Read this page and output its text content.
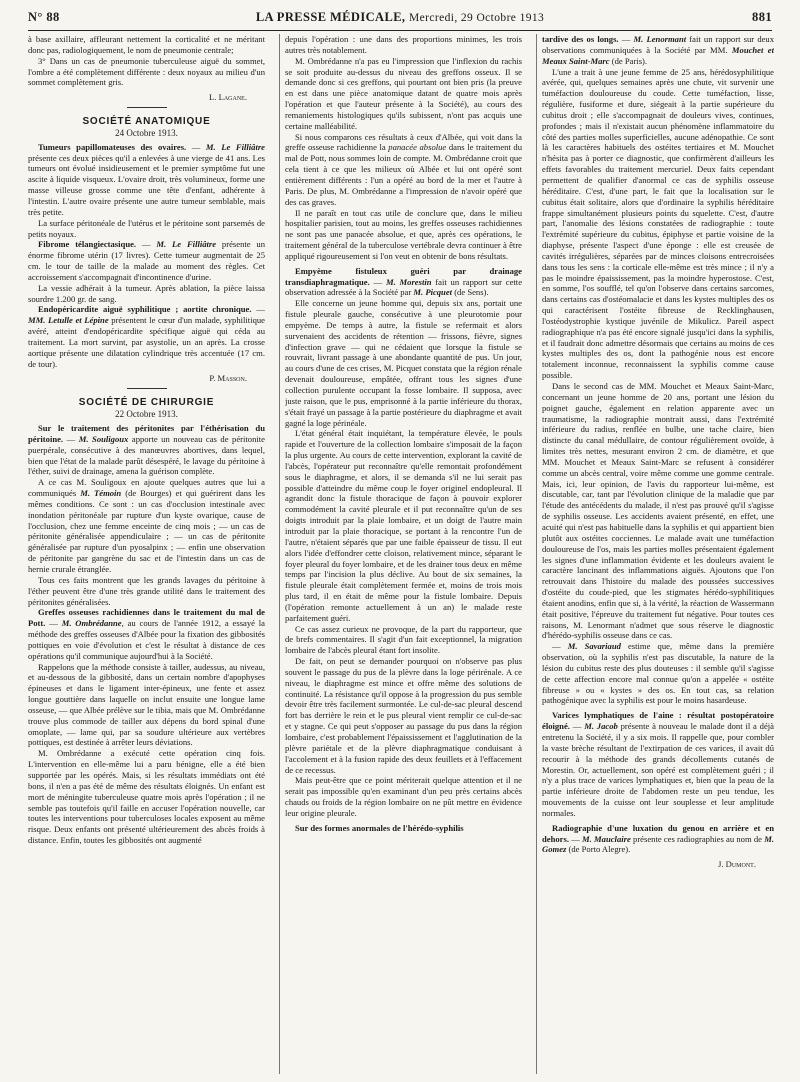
N° 88	LA PRESSE MÉDICALE, Mercredi, 29 Octobre 1913	881

à base axillaire, affleurant nettement la corticalité et ne méritant donc pas, radiologiquement, le nom de pneumonie centrale;

3° Dans un cas de pneumonie tuberculeuse aiguë du sommet, l'ombre a été complètement différente : deux noyaux au milieu d'un sommet complètement gris.

L. Lagane.

SOCIÉTÉ ANATOMIQUE

24 Octobre 1913.

Tumeurs papillomateuses des ovaires. — M. Le Filliâtre présente ces deux pièces qu'il a enlevées à une vierge de 41 ans. Les tumeurs ont évolué insidieusement et le premier symptôme fut une ascite à liquide visqueux. L'ovaire droit, très volumineux, forme une masse villeuse grosse comme une tête d'enfant, adhérente à l'intestin. L'autre ovaire présente une autre tumeur semblable, mais très petite.

La surface péritonéale de l'utérus et le péritoine sont parsemés de petits noyaux.

Fibrome télangiectasique. — M. Le Filliâtre présente un énorme fibrome utérin (17 livres). Cette tumeur augmentait de 25 cm. le tour de taille de la malade au moment des règles. Cet accroissement s'accompagnait d'incontinence d'urine.

La vessie adhérait à la tumeur. Après ablation, la pièce laissa sourdre 1.200 gr. de sang.

Endopéricardite aiguë syphilitique ; aortite chronique. — MM. Letulle et Lépine présentent le cœur d'un malade, syphilitique avéré, atteint d'endopéricardite spécifique aiguë qui céda au traitement. La mort survint, par asystolie, un an après. La crosse aortique présente une dilatation cylindrique très accentuée (17 cm. de tour).

P. Masson.

SOCIÉTÉ DE CHIRURGIE

22 Octobre 1913.

Sur le traitement des péritonites par l'éthérisation du péritoine. — M. Souligoux apporte un nouveau cas de péritonite puerpérale, consécutive à des manœuvres abortives, dans lequel, bien que l'état de la malade parût désespéré, le lavage du péritoine à l'éther, suivi de drainage, amena la guérison complète.

A ce cas M. Souligoux en ajoute quelques autres que lui a communiqués M. Témoin (de Bourges) et qui guérirent dans les mêmes conditions. Ce sont : un cas d'occlusion intestinale avec inondation péritonéale par rupture d'un kyste ovarique, cause de l'occlusion, chez une femme enceinte de cinq mois ; — un cas de péritonite généralisée appendiculaire ; — un cas de péritonite généralisée par rupture d'un pyosalpinx ; — enfin une observation de péritonite par gangrène du sac et de l'intestin dans un cas de hernie crurale étranglée.

Tous ces faits montrent que les grands lavages du péritoine à l'éther peuvent être d'une très grande utilité dans le traitement des péritonites généralisées.

Greffes osseuses rachidiennes dans le traitement du mal de Pott. — M. Ombrédanne, au cours de l'année 1912, a essayé la méthode des greffes osseuses d'Albée pour la fixation des gibbosités pottiques en voie d'évolution et c'est le résultat à distance de ces opérations qu'il communique aujourd'hui à la Société.

Rappelons que la méthode consiste à tailler, audessus, au niveau, et au-dessous de la gibbosité, dans un certain nombre d'apophyses épineuses et dans le ligament inter-épineux, une fente et assez longue gouttière dans laquelle on inclut ensuite une longue lame osseuse, — que Albée prélève sur le tibia, mais que M. Ombrédanne trouve plus commode de tailler aux dépens du bord spinal d'une omoplate, — lame qui, par sa soudure ultérieure aux vertèbres pottiques, est destinée à arrêter leurs déviations.

M. Ombrédanne a exécuté cette opération cinq fois. L'intervention en elle-même lui a paru bénigne, elle a été bien supportée par les opérés. Mais, si les résultats immédiats ont été bons, il n'en a pas été de même des résultats éloignés. Un enfant est mort de méningite tuberculeuse quatre mois après l'opération ; il ne semble pas toutefois qu'il faille en accuser l'opération nouvelle, car toutes les interventions pour tuberculoses locales exposent au même risque. Deux enfants ont présenté ultérieurement des abcès froids à distance. Enfin, toutes les gibbosités ont augmenté

depuis l'opération : une dans des proportions minimes, les trois autres très notablement.

M. Ombrédanne n'a pas eu l'impression que l'inflexion du rachis se soit produite au-dessus du niveau des greffons osseux. Il se demande donc si ces greffons, qui pourtant ont bien pris (la preuve en est dans une pièce anatomique datant de quatre mois après l'opération et que l'auteur présente à la Société), au cours des remaniements histologiques qu'ils subissent, n'ont pas acquis une certaine malléabilité.

Si nous comparons ces résultats à ceux d'Albée, qui voit dans la greffe osseuse rachidienne la panacée absolue dans le traitement du mal de Pott, nous sommes loin de compte. M. Ombrédanne croit que cela tient à ce que les milieux où Albée et lui ont opéré sont entièrement différents : l'un a opéré au bord de la mer et l'autre à Paris. De plus, M. Ombrédanne a l'impression de n'avoir opéré que des cas graves.

Il ne paraît en tout cas utile de conclure que, dans le milieu hospitalier parisien, tout au moins, les greffes osseuses rachidiennes ne sont pas une panacée absolue, et que, après ces opérations, le traitement général de la tuberculose vertébrale devra continuer à être appliqué rigoureusement si l'on veut en obtenir de bons résultats.

Empyème fistuleux guéri par drainage transdiaphragmatique. — M. Morestin fait un rapport sur cette observation adressée à la Société par M. Picquet (de Sens).

Elle concerne un jeune homme qui, depuis six ans, portait une fistule pleurale gauche, consécutive à une pleurotomie pour empyème. De temps à autre, la fistule se refermait et alors survenaient des accidents de rétention — frissons, fièvre, signes d'infection grave — qui ne cédaient que lorsque la fistule se rouvrait, livrant passage à une abondante quantité de pus. Un jour, au cours d'une de ces crises, M. Picquet constata que la région rénale devenait douloureuse, empâtée, offrant tous les signes d'une collection purulente occupant la fosse lombaire. Il supposa, avec juste raison, que le pus, emprisonné à la partie inférieure du thorax, s'était frayé un passage à la partie postérieure du diaphragme et avait gagné la loge périnéale.

L'état général était inquiétant, la température élevée, le pouls rapide et l'ouverture de la collection lombaire s'imposait de la façon la plus urgente. Au cours de cette intervention, explorant la cavité de l'abcès, l'opérateur put reconnaître qu'elle remontait profondément sous le diaphragme, et alors, il se demanda s'il ne lui serait pas possible d'atteindre du même coup le foyer originel endopleural. Il agrandit donc la fistule thoracique de façon à pouvoir explorer commodément la cavité pleurale et il put reconnaître qu'un de ses doigts introduit par la plaie lombaire, et un doigt de l'autre main introduit par la plaie thoracique, se portant à la rencontre l'un de l'autre, n'étaient séparés que par une faible épaisseur de tissu. Il eut alors l'idée d'effondrer cette cloison, relativement mince, séparant le foyer pleural du foyer lombaire, et de les drainer tous deux en même temps par l'incision la plus déclive. Au bout de six semaines, la fistule pleurale était complètement fermée et, moins de trois mois plus tard, il en était de même pour la fistule lombaire. Depuis (l'opération remonte actuellement à un an) le malade reste parfaitement guéri.

Ce cas assez curieux ne provoque, de la part du rapporteur, que de brefs commentaires. Il s'agit d'un fait exceptionnel, la migration lombaire de l'abcès pleural étant fort insolite.

De fait, on peut se demander pourquoi on n'observe pas plus souvent le passage du pus de la plèvre dans la loge périrénale. A ce niveau, le diaphragme est mince et offre même des solutions de continuité. La résistance qu'il oppose à la progression du pus semble devoir être très facilement surmontée. Le cul-de-sac pleural descend fort bas derrière le rein et le pus pleural vient remplir ce cul-de-sac et y stagne. Ce qui peut s'opposer au passage du pus dans la région lombaire, c'est probablement l'épaississement et l'agglutination de la plèvre pariétale et de la plèvre diaphragmatique conduisant à l'accolement et à la fusion rapide des deux feuillets et à l'effacement de ce recessus.

Mais peut-être que ce point mériterait quelque attention et il ne serait pas impossible qu'en examinant d'un peu près certains abcès chauds ou froids de la région lombaire on ne pût mettre en évidence leur origine pleurale.

Sur des formes anormales de l'hérédo-syphilis

tardive des os longs. — M. Lenormant fait un rapport sur deux observations communiquées à la Société par MM. Mouchet et Meaux Saint-Marc (de Paris).

L'une a trait à une jeune femme de 25 ans, hérédosyphilitique avérée, qui, quelques semaines après une chute, vit survenir une tuméfaction douloureuse du coude. Cette tuméfaction, lisse, régulière, fusiforme et dure, siégeait à la partie supérieure du cubitus droit ; elle s'accompagnait de douleurs vives, continues, profondes ; mais il n'existait aucun phénomène inflammatoire du côté des parties molles superficielles, aucune adénopathie. Ce sont là les caractères habituels des ostéites tertiaires et M. Mouchet n'hésita pas à porter ce diagnostic, que confirmèrent d'ailleurs les effets favorables du traitement mercuriel. Deux faits cependant permettent de qualifier d'anormal ce cas de syphilis osseuse héréditaire. C'est, d'une part, le fait que la localisation sur le cubitus était solitaire, alors que d'ordinaire la syphilis héréditaire frappe simultanément plusieurs points du squelette. C'est, d'autre part, l'anomalie des lésions constatées de radiographie : toute l'extrémité supérieure du cubitus, épiphyse et partie voisine de la diaphyse, présente l'aspect d'une éponge : elle est creusée de cavités irrégulières, séparées par de minces cloisons entrecroisées dans tous les sens : la corticale elle-même est très mince ; il n'y a pas le moindre épaississement, pas la moindre hyperostose. C'est, en somme, l'os soufflé, tel qu'on l'observe dans certains sarcomes, dans certains cas d'ostéomalacie et dans les kystes multiples des os qui caractérisent l'ostéite fibreuse de Recklinghausen, l'ostéodystrophie kystique juvénile de Mikulicz. Pareil aspect radiographique n'a pas été encore signalé jusqu'ici dans la syphilis, et il faudrait donc admettre désormais que certains au moins de ces kystes multiples des os, dont la pathogénie nous est encore totalement inconnue, reconnaissent la syphilis comme cause possible.

Dans le second cas de MM. Mouchet et Meaux Saint-Marc, concernant un jeune homme de 20 ans, portant une lésion du poignet gauche, également en relation apparente avec un traumatisme, la radiographie montrait aussi, dans l'extrémité inférieure du radius, renflée en bulbe, une tache claire, bien distincte du canal médullaire, de contour régulièrement ovoïde, à limites très nettes, mesurant environ 2 cm. de diamètre, et que MM. Mouchet et Meaux Saint-Marc se refusent à considérer comme un abcès central, voire même comme une gomme centrale. Mais, ici, leur opinion, de l'avis du rapporteur lui-même, est discutable, car, tant par l'évolution clinique de la maladie que par l'étude des antécédents du malade, il n'est pas prouvé qu'il s'agisse de syphilis osseuse. Les accidents avaient présenté, en effet, une acuité qui n'est pas habituelle dans la syphilis et qui appartient bien plutôt aux ostéites cocciennes. Le malade avait une tuméfaction douloureuse de l'os, mais les parties molles présentaient également les signes d'une inflammation évidente et les douleurs avaient le caractère lancinant des inflammations aiguës. Ajoutons que l'on retrouvait dans l'histoire du malade des poussées successives d'ostéite du coude-pied, que les stigmates hérédo-syphilitiques étaient anodins, enfin que si, à la vérité, la réaction de Wassermann était positive, l'épreuve du traitement fut négative. Pour toutes ces raisons, M. Lenormant n'admet que sous réserve le diagnostic d'hérédo-syphilis osseuse dans ce cas.

— M. Savariaud estime que, même dans la première observation, où la syphilis n'est pas discutable, la nature de la lésion du cubitus reste des plus douteuses : il semble qu'il s'agisse de cette affection encore mal connue qu'on a appelée « ostéite fibreuse » ou « kystes » des os. En tout cas, sa relation pathogénique avec la syphilis est pour le moins hasardeuse.

Varices lymphatiques de l'aine : résultat postopératoire éloigné. — M. Jacob présente à nouveau le malade dont il a déjà entretenu la Société, il y a six mois. Il rappelle que, pour combler la vaste brèche résultant de l'extirpation de ces varices, il avait dû recourir à la méthode des grands décollements cutanés de Morestin. Or, actuellement, son opéré est complètement guéri ; il n'y a plus trace de varices lymphatiques et, bien que la peau de la partie inférieure droite de l'abdomen reste un peu tendue, les mouvements de la cuisse ont leur souplesse et leur amplitude normales.

Radiographie d'une luxation du genou en arrière et en dehors. — M. Mauclaire présente ces radiographies au nom de M. Gomez (de Porto Alegre).

J. Dumont.
